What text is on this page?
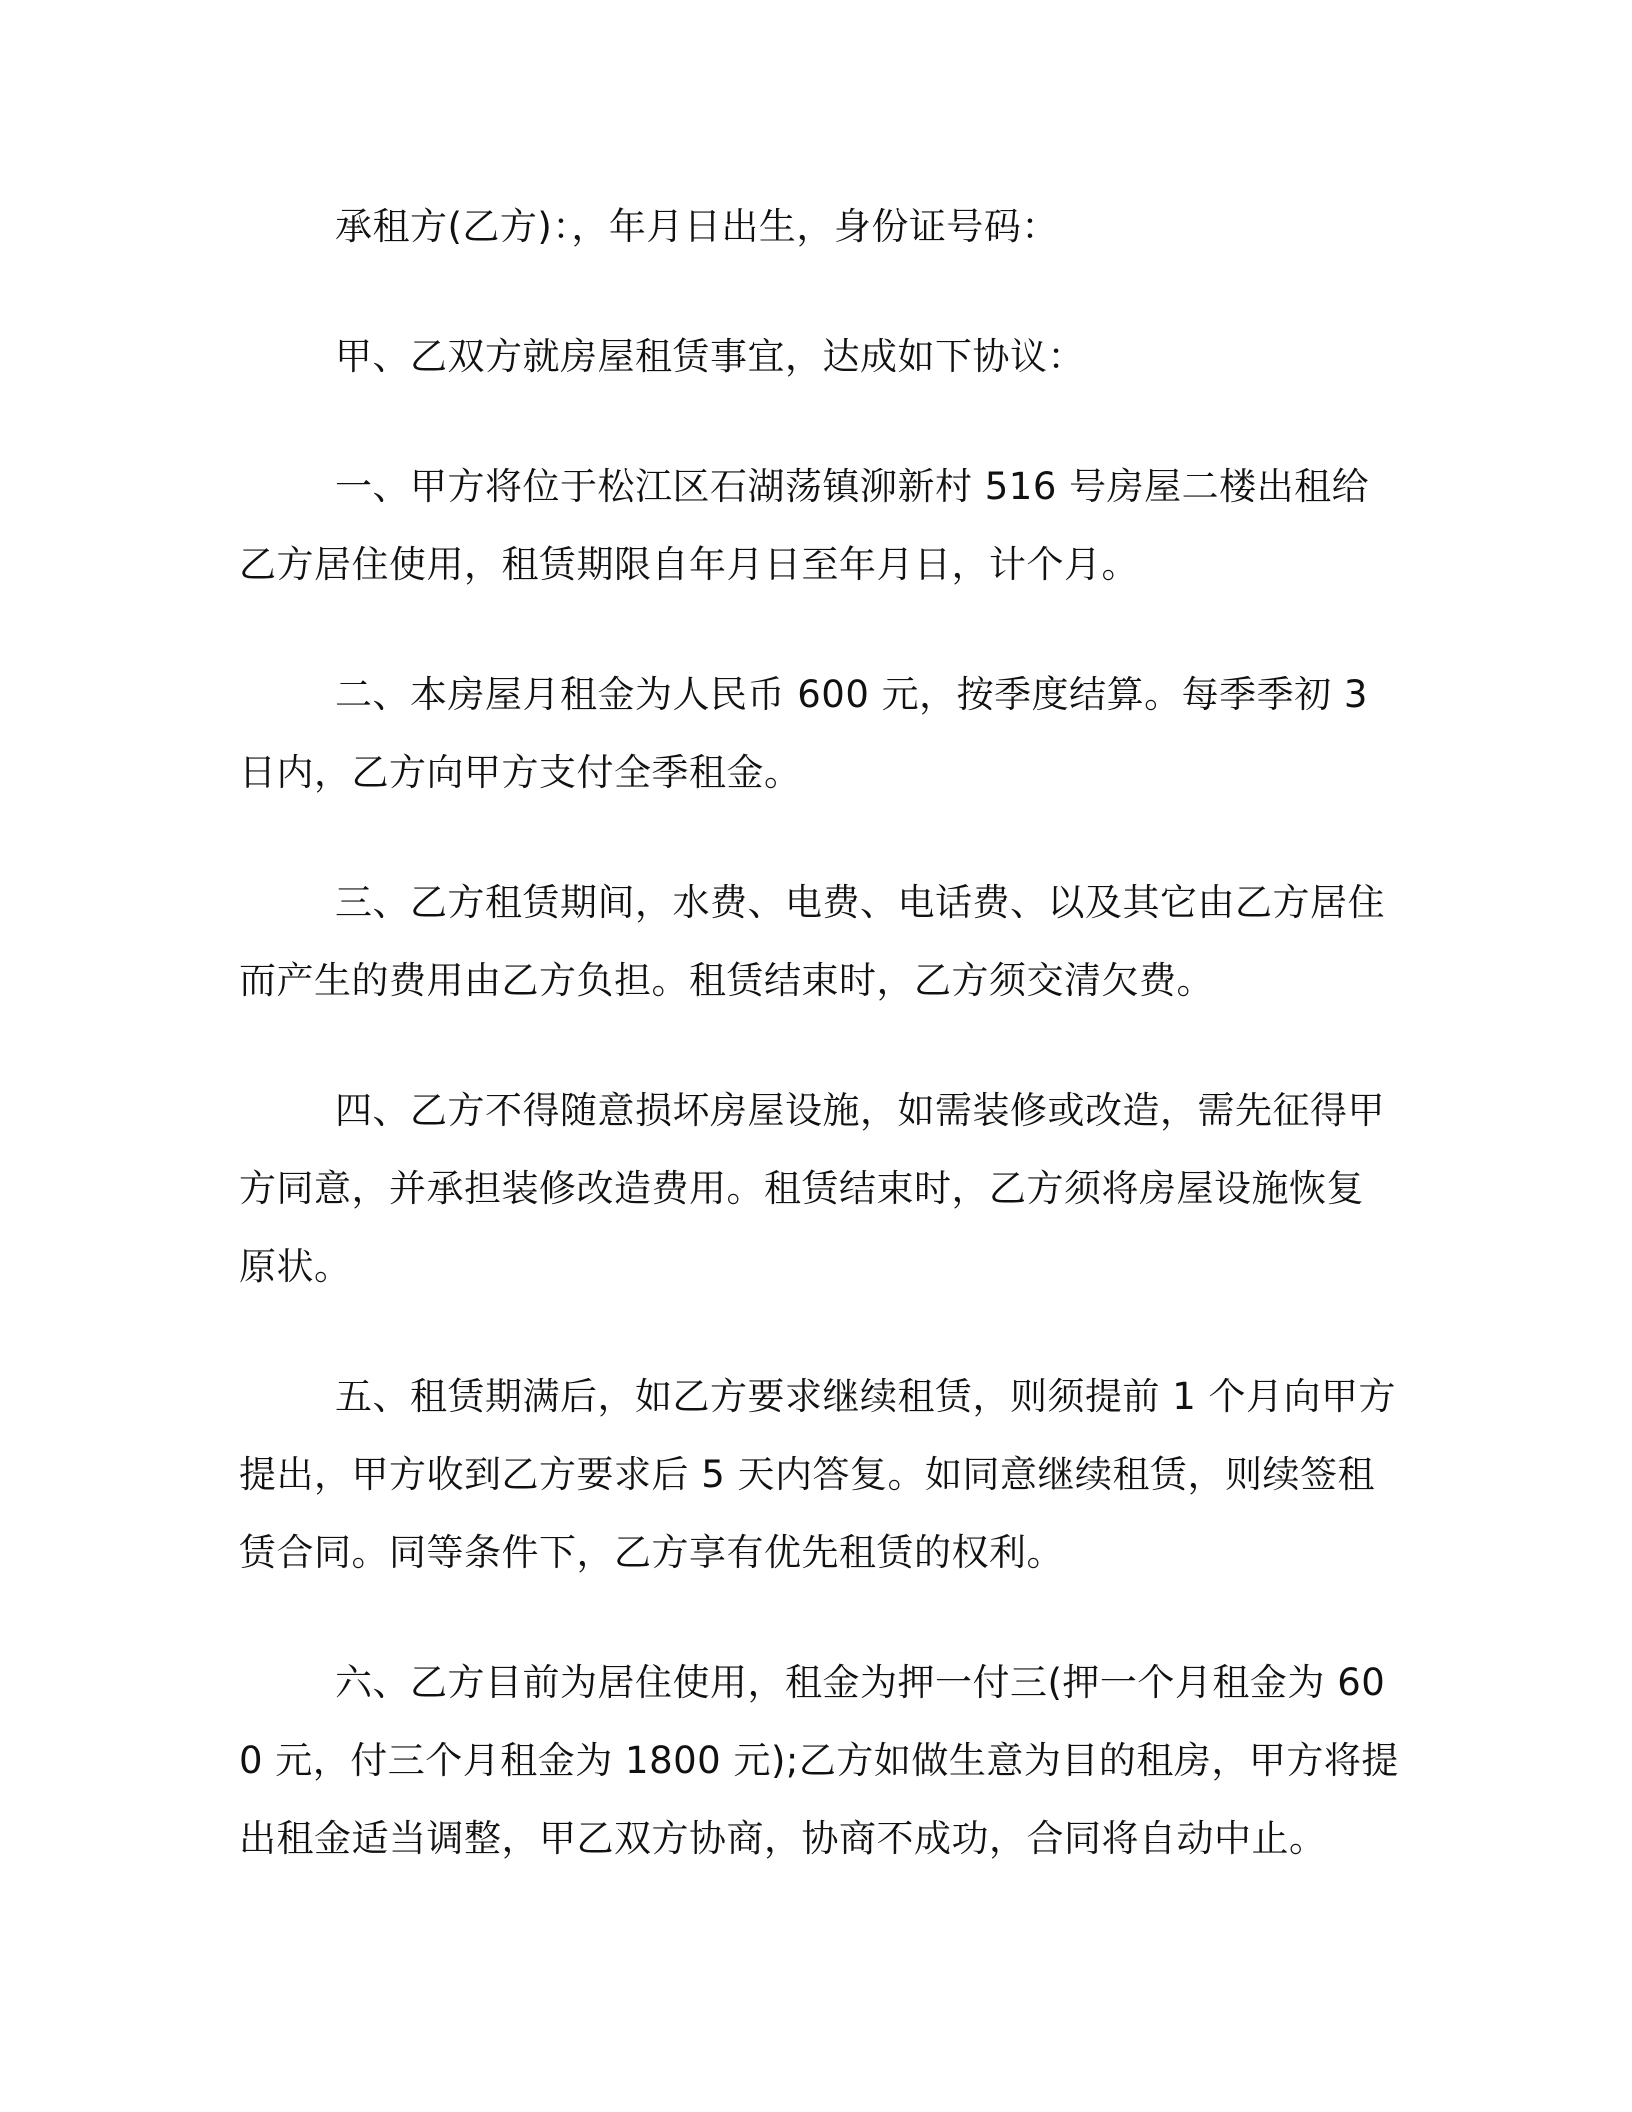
承租方(乙方)：，年月日出生，身份证号码：

甲、乙双方就房屋租赁事宜，达成如下协议：

一、甲方将位于松江区石湖荡镇泖新村 516 号房屋二楼出租给乙方居住使用，租赁期限自年月日至年月日，计个月。

二、本房屋月租金为人民币 600 元，按季度结算。每季季初 3 日内，乙方向甲方支付全季租金。

三、乙方租赁期间，水费、电费、电话费、以及其它由乙方居住而产生的费用由乙方负担。租赁结束时，乙方须交清欠费。

四、乙方不得随意损坏房屋设施，如需装修或改造，需先征得甲方同意，并承担装修改造费用。租赁结束时，乙方须将房屋设施恢复原状。

五、租赁期满后，如乙方要求继续租赁，则须提前 1 个月向甲方提出，甲方收到乙方要求后 5 天内答复。如同意继续租赁，则续签租赁合同。同等条件下，乙方享有优先租赁的权利。

六、乙方目前为居住使用，租金为押一付三(押一个月租金为 600 元，付三个月租金为 1800 元);乙方如做生意为目的租房，甲方将提出租金适当调整，甲乙双方协商，协商不成功，合同将自动中止。
